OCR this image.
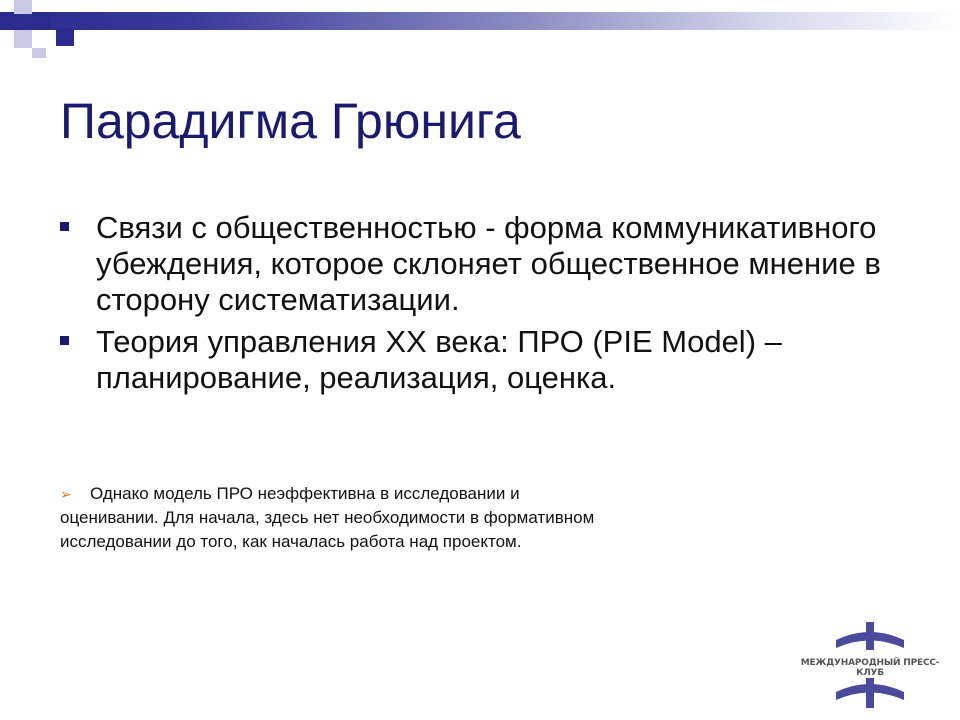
Парадигма Грюнига
Связи с общественностью - форма коммуникативного убеждения, которое склоняет общественное мнение в сторону систематизации.
Теория управления ХХ века: ПРО (PIE Model) – планирование, реализация, оценка.
➢ Однако модель ПРО неэффективна в исследовании и оценивании. Для начала, здесь нет необходимости в формативном исследовании до того, как началась работа над проектом.
МЕЖДУНАРОДНЫЙ ПРЕСС-КЛУБ
